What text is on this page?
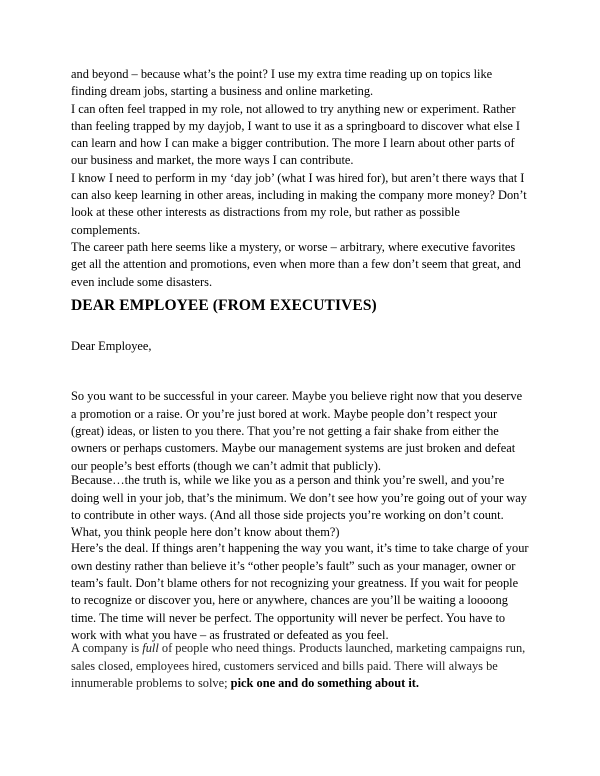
and beyond – because what’s the point? I use my extra time reading up on topics like finding dream jobs, starting a business and online marketing.

I can often feel trapped in my role, not allowed to try anything new or experiment. Rather than feeling trapped by my dayjob, I want to use it as a springboard to discover what else I can learn and how I can make a bigger contribution. The more I learn about other parts of our business and market, the more ways I can contribute.

I know I need to perform in my ‘day job’ (what I was hired for), but aren’t there ways that I can also keep learning in other areas, including in making the company more money? Don’t look at these other interests as distractions from my role, but rather as possible complements.

The career path here seems like a mystery, or worse – arbitrary, where executive favorites get all the attention and promotions, even when more than a few don’t seem that great, and even include some disasters.

DEAR EMPLOYEE (FROM EXECUTIVES)
Dear Employee,

So you want to be successful in your career. Maybe you believe right now that you deserve a promotion or a raise. Or you’re just bored at work. Maybe people don’t respect your (great) ideas, or listen to you there. That you’re not getting a fair shake from either the owners or perhaps customers. Maybe our management systems are just broken and defeat our people’s best efforts (though we can’t admit that publicly).

Because…the truth is, while we like you as a person and think you’re swell, and you’re doing well in your job, that’s the minimum. We don’t see how you’re going out of your way to contribute in other ways. (And all those side projects you’re working on don’t count. What, you think people here don’t know about them?)

Here’s the deal. If things aren’t happening the way you want, it’s time to take charge of your own destiny rather than believe it’s “other people’s fault” such as your manager, owner or team’s fault. Don’t blame others for not recognizing your greatness. If you wait for people to recognize or discover you, here or anywhere, chances are you’ll be waiting a loooong time. The time will never be perfect. The opportunity will never be perfect. You have to work with what you have – as frustrated or defeated as you feel.

A company is full of people who need things. Products launched, marketing campaigns run, sales closed, employees hired, customers serviced and bills paid. There will always be innumerable problems to solve; pick one and do something about it.
